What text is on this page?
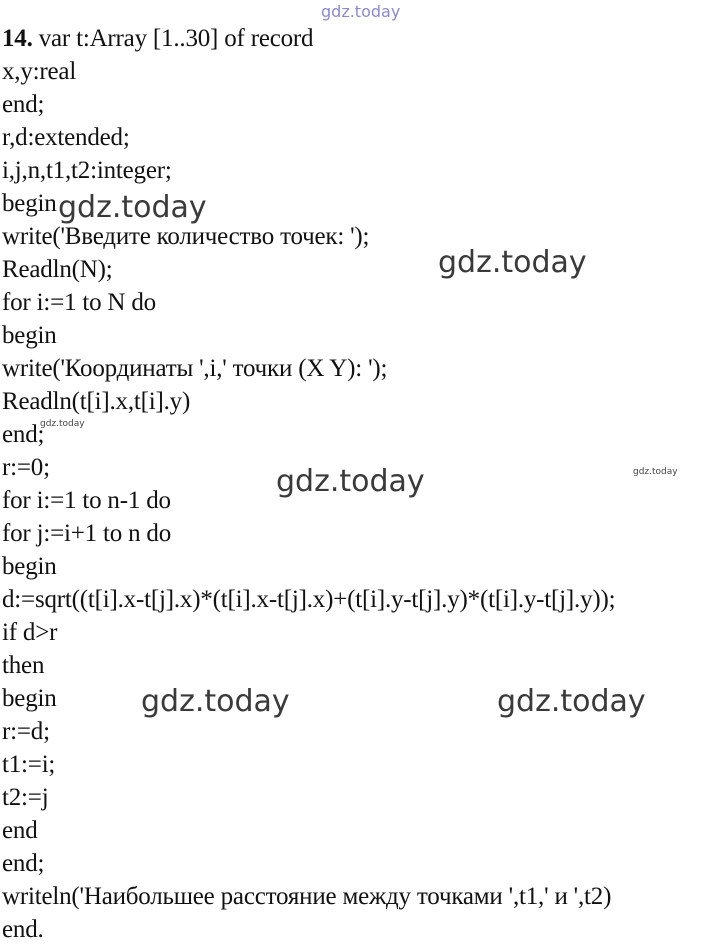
14. var t:Array [1..30] of record
x,y:real
end;
r,d:extended;
i,j,n,t1,t2:integer;
begin
write('Введите количество точек: ');
Readln(N);
for i:=1 to N do
begin
write('Координаты ',i,' точки (X Y): ');
Readln(t[i].x,t[i].y)
end;
r:=0;
for i:=1 to n-1 do
for j:=i+1 to n do
begin
d:=sqrt((t[i].x-t[j].x)*(t[i].x-t[j].x)+(t[i].y-t[j].y)*(t[i].y-t[j].y));
if d>r
then
begin
r:=d;
t1:=i;
t2:=j
end
end;
writeln('Наибольшее расстояние между точками ',t1,' и ',t2)
end.
gdz.today
gdz.today
gdz.today
gdz.today
gdz.today	gdz.today
gdz.today
gdz.today
